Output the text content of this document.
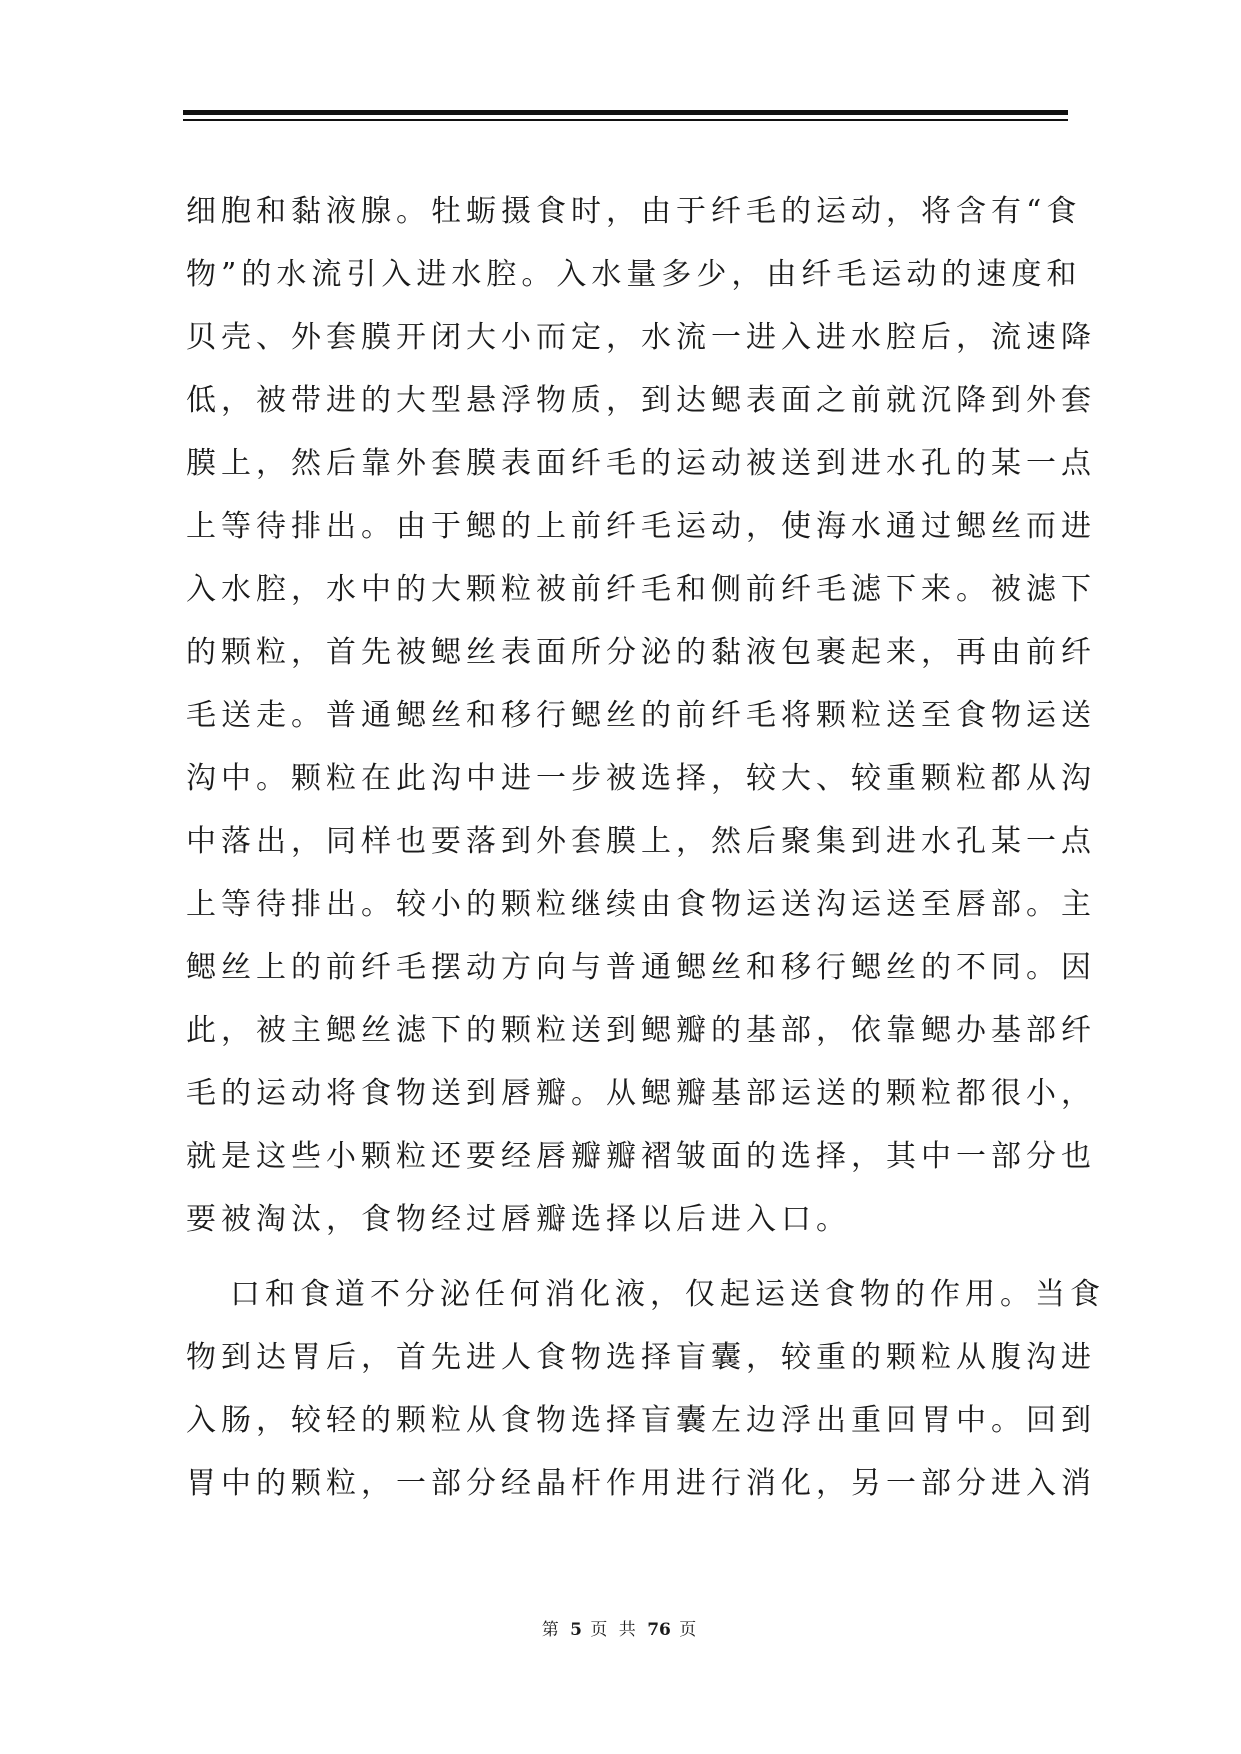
细胞和黏液腺。牡蛎摄食时，由于纤毛的运动，将含有“食
物”的水流引入进水腔。入水量多少，由纤毛运动的速度和
贝壳、外套膜开闭大小而定，水流一进入进水腔后，流速降
低，被带进的大型悬浮物质，到达鳃表面之前就沉降到外套
膜上，然后靠外套膜表面纤毛的运动被送到进水孔的某一点
上等待排出。由于鳃的上前纤毛运动，使海水通过鳃丝而进
入水腔，水中的大颗粒被前纤毛和侧前纤毛滤下来。被滤下
的颗粒，首先被鳃丝表面所分泌的黏液包裹起来，再由前纤
毛送走。普通鳃丝和移行鳃丝的前纤毛将颗粒送至食物运送
沟中。颗粒在此沟中进一步被选择，较大、较重颗粒都从沟
中落出，同样也要落到外套膜上，然后聚集到进水孔某一点
上等待排出。较小的颗粒继续由食物运送沟运送至唇部。主
鳃丝上的前纤毛摆动方向与普通鳃丝和移行鳃丝的不同。因
此，被主鳃丝滤下的颗粒送到鳃瓣的基部，依靠鳃办基部纤
毛的运动将食物送到唇瓣。从鳃瓣基部运送的颗粒都很小，
就是这些小颗粒还要经唇瓣瓣褶皱面的选择，其中一部分也
要被淘汰，食物经过唇瓣选择以后进入口。
口和食道不分泌任何消化液，仅起运送食物的作用。当食
物到达胃后，首先进人食物选择盲囊，较重的颗粒从腹沟进
入肠，较轻的颗粒从食物选择盲囊左边浮出重回胃中。回到
胃中的颗粒，一部分经晶杆作用进行消化，另一部分进入消
第 5 页 共 76 页
